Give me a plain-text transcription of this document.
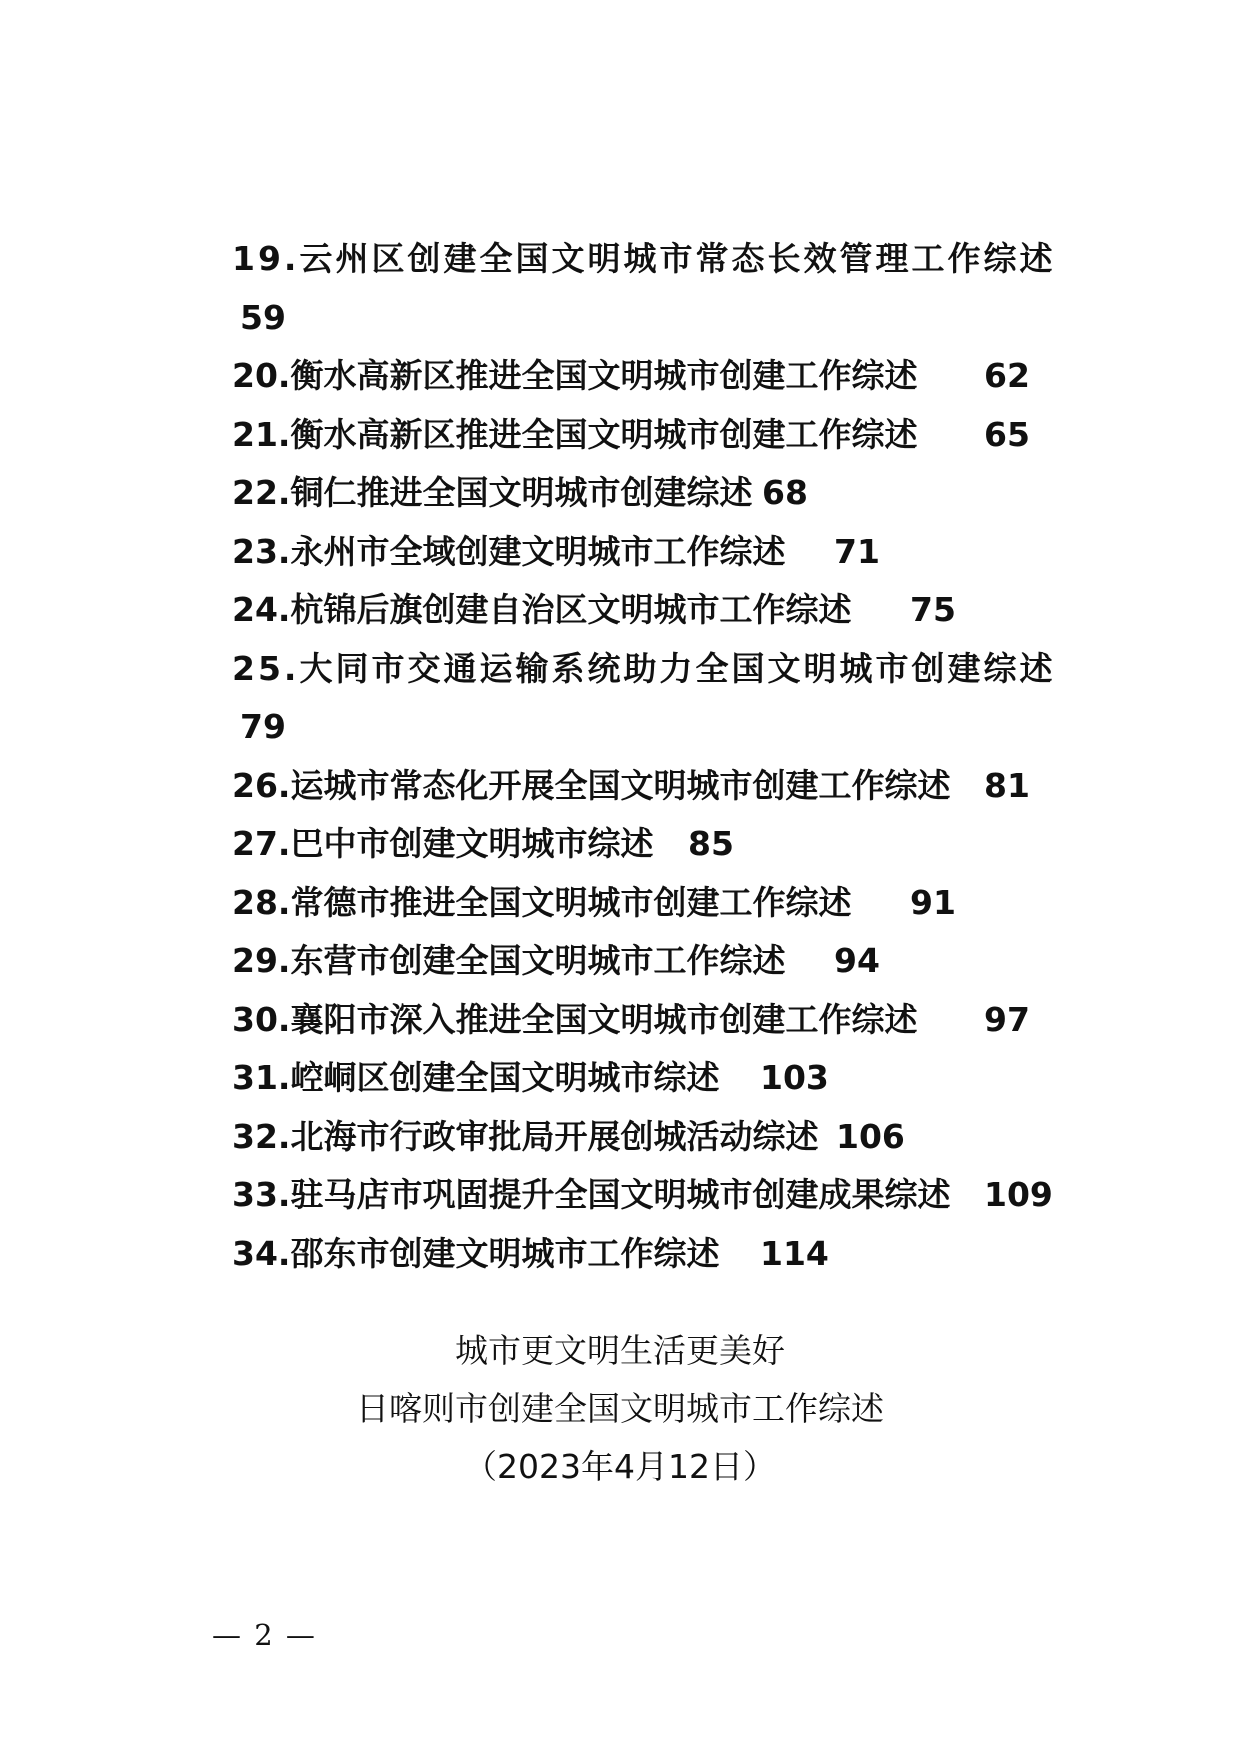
19.云州区创建全国文明城市常态长效管理工作综述
59
20.衡水高新区推进全国文明城市创建工作综述 62
21.衡水高新区推进全国文明城市创建工作综述 65
22.铜仁推进全国文明城市创建综述 68
23.永州市全域创建文明城市工作综述 71
24.杭锦后旗创建自治区文明城市工作综述 75
25.大同市交通运输系统助力全国文明城市创建综述
79
26.运城市常态化开展全国文明城市创建工作综述 81
27.巴中市创建文明城市综述 85
28.常德市推进全国文明城市创建工作综述 91
29.东营市创建全国文明城市工作综述 94
30.襄阳市深入推进全国文明城市创建工作综述 97
31.崆峒区创建全国文明城市综述 103
32.北海市行政审批局开展创城活动综述 106
33.驻马店市巩固提升全国文明城市创建成果综述 109
34.邵东市创建文明城市工作综述 114
城市更文明生活更美好
日喀则市创建全国文明城市工作综述
（2023年4月12日）
— 2 —
